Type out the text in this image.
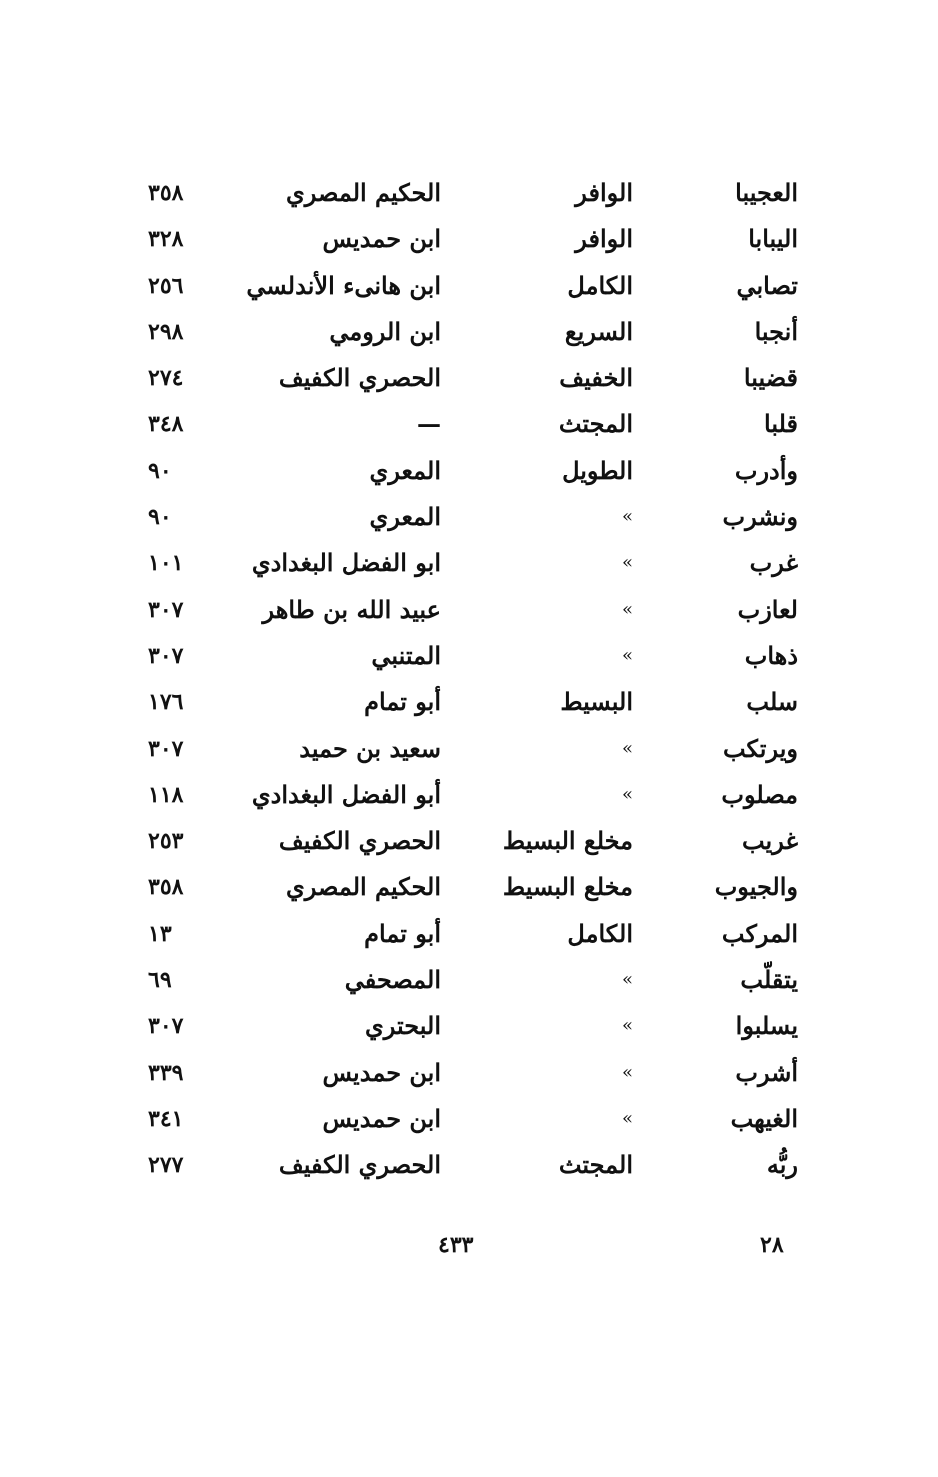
العجيبا
الوافر
الحكيم المصري
٣٥٨
اليبابا
الوافر
ابن حمديس
٣٢٨
تصابي
الكامل
ابن هانىء الأندلسي
٢٥٦
أنجبا
السريع
ابن الرومي
٢٩٨
قضيبا
الخفيف
الحصري الكفيف
٢٧٤
قلبا
المجتث
—
٣٤٨
وأدرب
الطويل
المعري
٩٠
ونشرب
»
المعري
٩٠
غرب
»
ابو الفضل البغدادي
١٠١
لعازب
»
عبيد الله بن طاهر
٣٠٧
ذهاب
»
المتنبي
٣٠٧
سلب
البسيط
أبو تمام
١٧٦
ويرتكب
»
سعيد بن حميد
٣٠٧
مصلوب
»
أبو الفضل البغدادي
١١٨
غريب
مخلع البسيط
الحصري الكفيف
٢٥٣
والجيوب
مخلع البسيط
الحكيم المصري
٣٥٨
المركب
الكامل
أبو تمام
١٣
يتقلّب
»
المصحفي
٦٩
يسلبوا
»
البحتري
٣٠٧
أشرب
»
ابن حمديس
٣٣٩
الغيهب
»
ابن حمديس
٣٤١
ربُّه
المجتث
الحصري الكفيف
٢٧٧
٤٣٣	٢٨
